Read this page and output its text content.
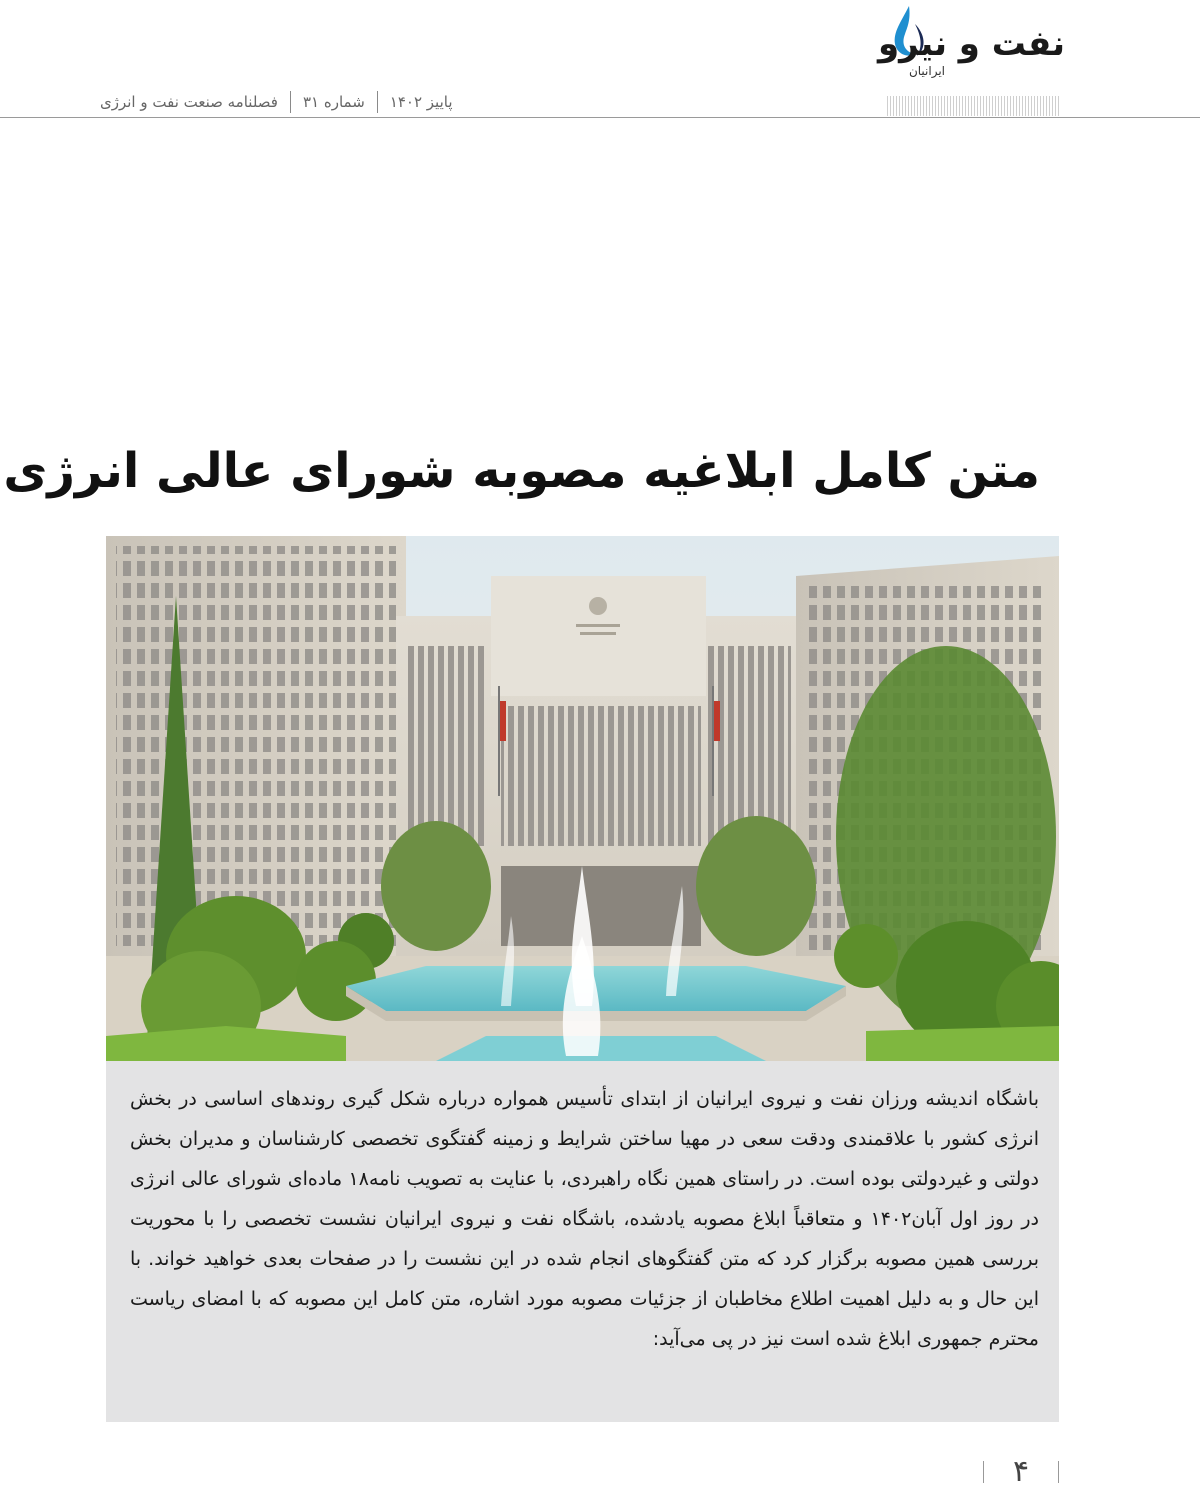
نفت و نیرو
ایرانیان
فصلنامه صنعت نفت و انرژی شماره ۳۱ پاییز ۱۴۰۲
متن کامل ابلاغیه مصوبه شورای عالی انرژی
باشگاه اندیشه ورزان نفت و نیروی ایرانیان از ابتدای تأسیس همواره درباره شکل گیری روندهای اساسی در بخش انرژی کشور با علاقمندی ودقت سعی در مهیا ساختن شرایط و زمینه گفتگوی تخصصی کارشناسان و مدیران بخش دولتی و غیردولتی بوده است. در راستای همین نگاه راهبردی، با عنایت به تصویب نامه۱۸ ماده‌ای شورای عالی انرژی در روز اول آبان۱۴۰۲ و متعاقباً ابلاغ مصوبه یادشده، باشگاه نفت و نیروی ایرانیان نشست تخصصی را با محوریت بررسی همین مصوبه برگزار کرد که متن گفتگوهای انجام شده در این نشست را در صفحات بعدی خواهید خواند. با این حال و به دلیل اهمیت اطلاع مخاطبان از جزئیات مصوبه مورد اشاره، متن کامل این مصوبه که با امضای ریاست محترم جمهوری ابلاغ شده است نیز در پی می‌آید:
۴
